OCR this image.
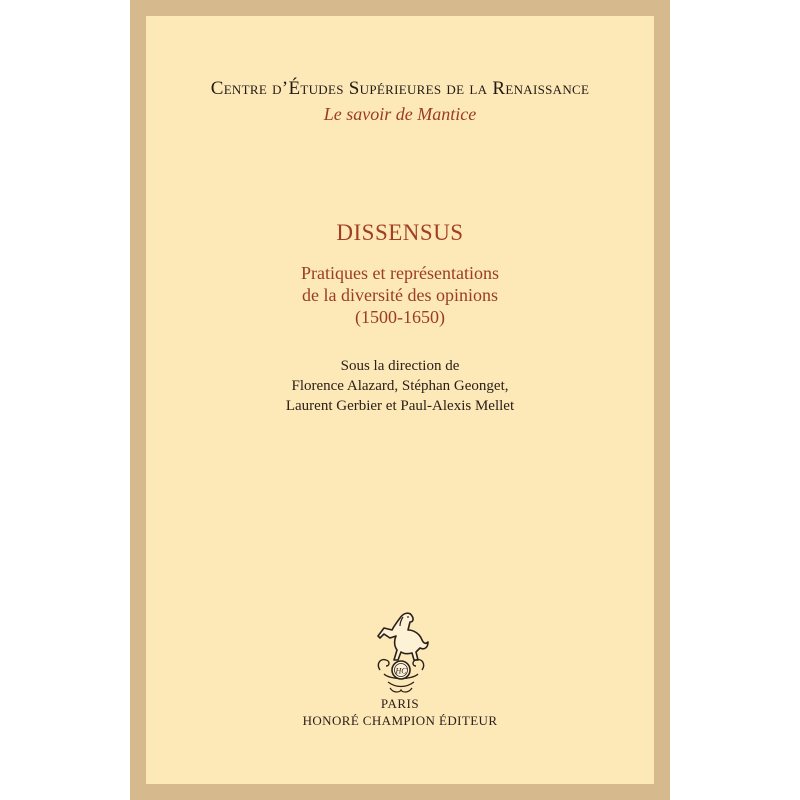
Centre d’Études Supérieures de la Renaissance
Le savoir de Mantice
DISSENSUS
Pratiques et représentations
de la diversité des opinions
(1500-1650)
Sous la direction de
Florence Alazard, Stéphan Geonget,
Laurent Gerbier et Paul-Alexis Mellet
HC
PARIS
HONORÉ CHAMPION ÉDITEUR
